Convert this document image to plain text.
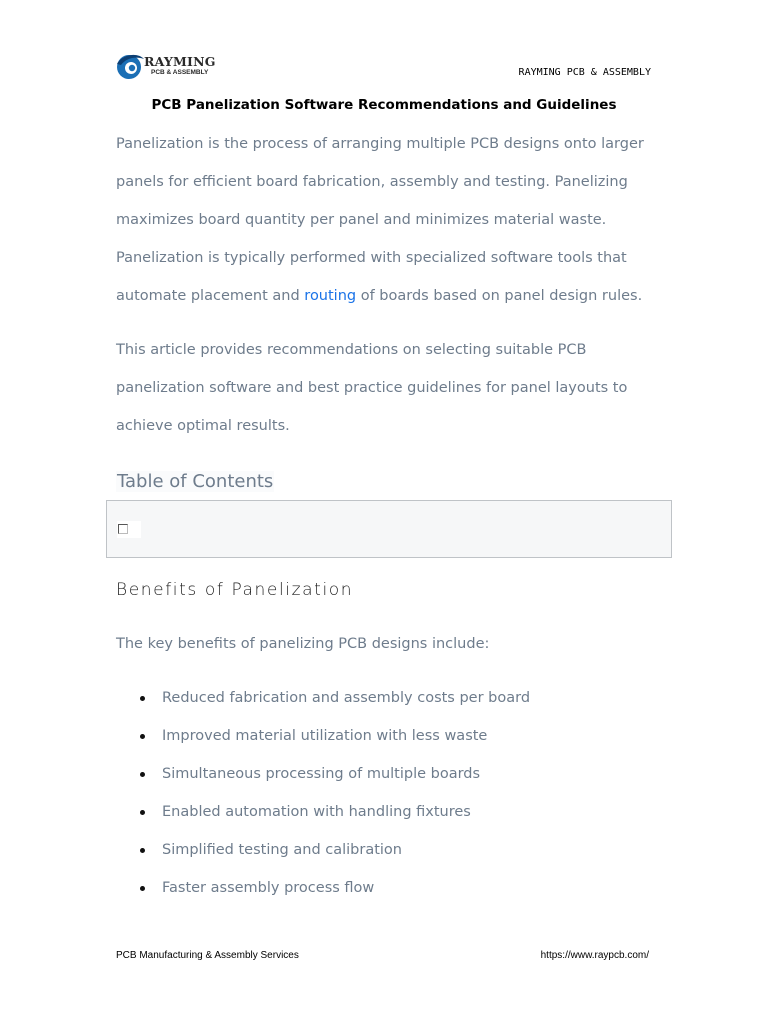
RAYMING
PCB & ASSEMBLY	RAYMING PCB & ASSEMBLY
PCB Panelization Software Recommendations and Guidelines
Panelization is the process of arranging multiple PCB designs onto larger
panels for efficient board fabrication, assembly and testing. Panelizing
maximizes board quantity per panel and minimizes material waste.
Panelization is typically performed with specialized software tools that
automate placement and routing of boards based on panel design rules.
This article provides recommendations on selecting suitable PCB
panelization software and best practice guidelines for panel layouts to
achieve optimal results.
Table of Contents
Benefits of Panelization
The key benefits of panelizing PCB designs include:
Reduced fabrication and assembly costs per board
Improved material utilization with less waste
Simultaneous processing of multiple boards
Enabled automation with handling fixtures
Simplified testing and calibration
Faster assembly process flow
PCB Manufacturing & Assembly Services	https://www.raypcb.com/
